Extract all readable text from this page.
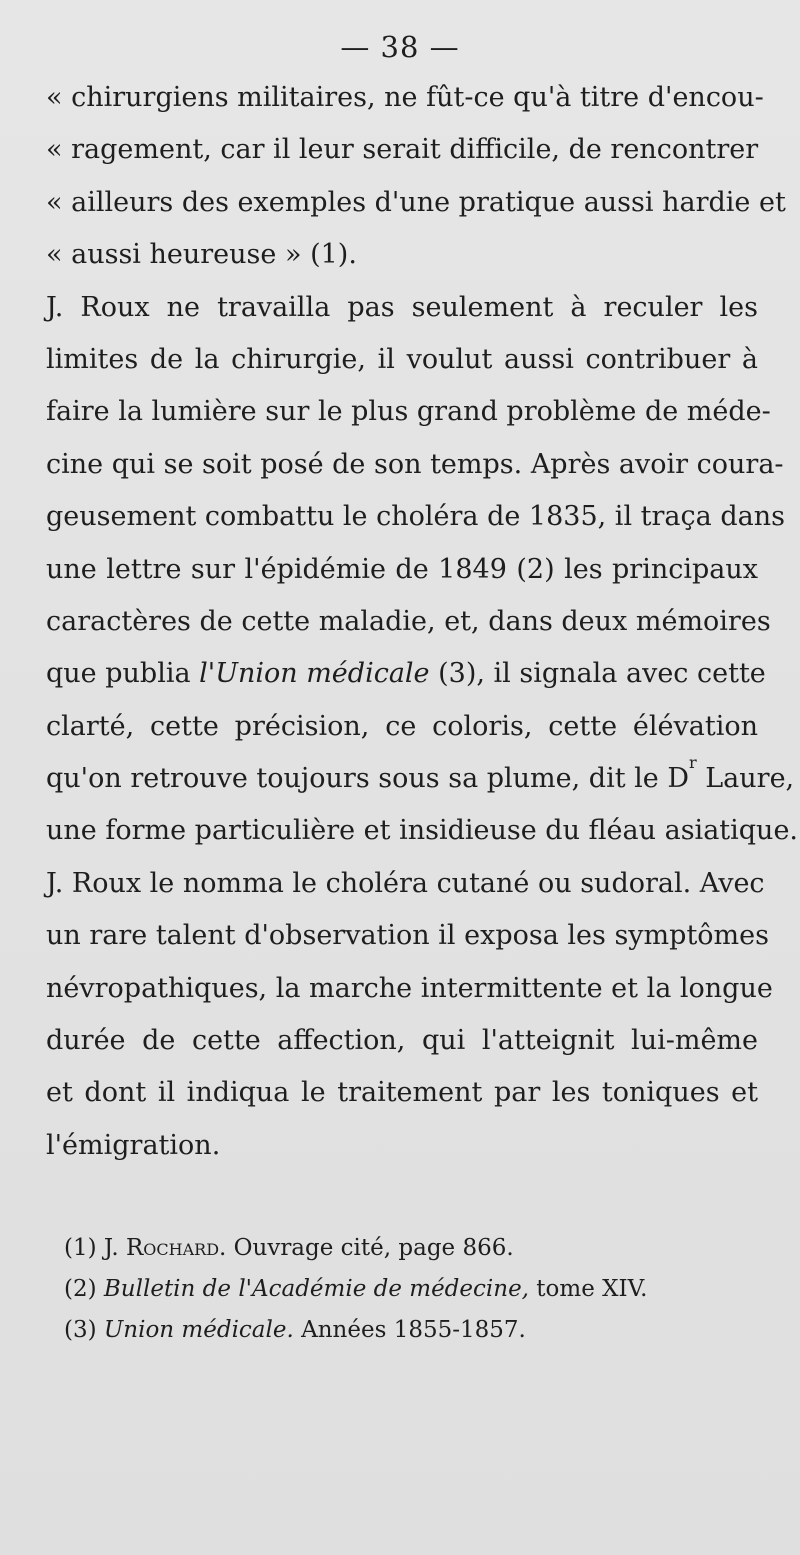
— 38 —
« chirurgiens militaires, ne fût-ce qu'à titre d'encou-
« ragement, car il leur serait difficile, de rencontrer
« ailleurs des exemples d'une pratique aussi hardie et
« aussi heureuse » (1).
J. Roux ne travailla pas seulement à reculer les
limites de la chirurgie, il voulut aussi contribuer à
faire la lumière sur le plus grand problème de méde-
cine qui se soit posé de son temps. Après avoir coura-
geusement combattu le choléra de 1835, il traça dans
une lettre sur l'épidémie de 1849 (2) les principaux
caractères de cette maladie, et, dans deux mémoires
que publia l'Union médicale (3), il signala avec cette
clarté, cette précision, ce coloris, cette élévation
qu'on retrouve toujours sous sa plume, dit le $D^r$ Laure,
une forme particulière et insidieuse du fléau asiatique.
J. Roux le nomma le choléra cutané ou sudoral. Avec
un rare talent d'observation il exposa les symptômes
névropathiques, la marche intermittente et la longue
durée de cette affection, qui l'atteignit lui-même
et dont il indiqua le traitement par les toniques et
l'émigration.
(1) J. Rochard. Ouvrage cité, page 866.
(2) Bulletin de l'Académie de médecine, tome XIV.
(3) Union médicale. Années 1855-1857.
